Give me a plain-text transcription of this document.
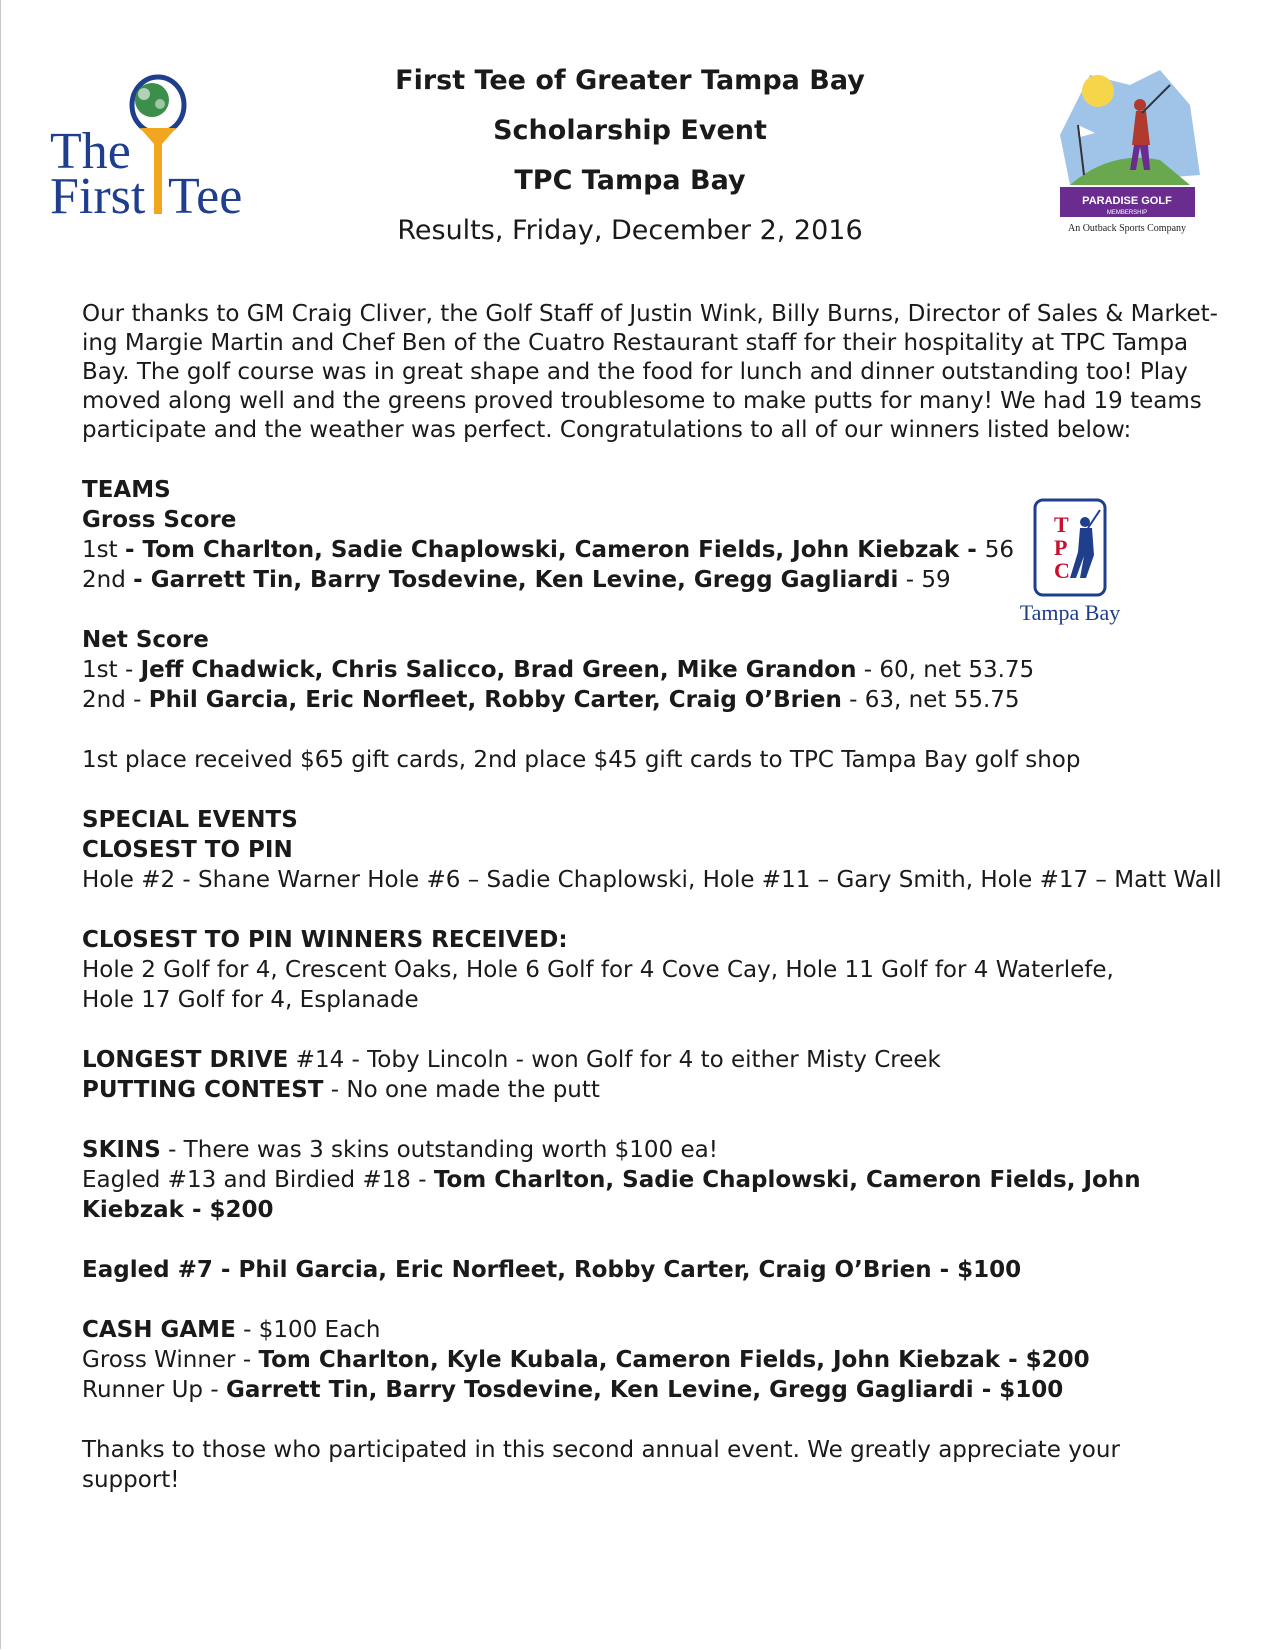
The
First Tee
First Tee of Greater Tampa Bay
Scholarship Event
TPC Tampa Bay
Results, Friday, December 2, 2016
PARADISE GOLF
MEMBERSHIP
An Outback Sports Company
T
P
C
Tampa Bay
Our thanks to GM Craig Cliver, the Golf Staff of Justin Wink, Billy Burns, Director of Sales & Market-
ing Margie Martin and Chef Ben of the Cuatro Restaurant staff for their hospitality at TPC Tampa
Bay. The golf course was in great shape and the food for lunch and dinner outstanding too! Play
moved along well and the greens proved troublesome to make putts for many! We had 19 teams
participate and the weather was perfect. Congratulations to all of our winners listed below:
TEAMS
Gross Score
1st - Tom Charlton, Sadie Chaplowski, Cameron Fields, John Kiebzak - 56
2nd - Garrett Tin, Barry Tosdevine, Ken Levine, Gregg Gagliardi - 59
Net Score
1st - Jeff Chadwick, Chris Salicco, Brad Green, Mike Grandon - 60, net 53.75
2nd - Phil Garcia, Eric Norfleet, Robby Carter, Craig O’Brien - 63, net 55.75
1st place received $65 gift cards, 2nd place $45 gift cards to TPC Tampa Bay golf shop
SPECIAL EVENTS
CLOSEST TO PIN
Hole #2 - Shane Warner Hole #6 – Sadie Chaplowski, Hole #11 – Gary Smith, Hole #17 – Matt Wall
CLOSEST TO PIN WINNERS RECEIVED:
Hole 2 Golf for 4, Crescent Oaks, Hole 6 Golf for 4 Cove Cay, Hole 11 Golf for 4 Waterlefe,
Hole 17 Golf for 4, Esplanade
LONGEST DRIVE #14 - Toby Lincoln - won Golf for 4 to either Misty Creek
PUTTING CONTEST - No one made the putt
SKINS - There was 3 skins outstanding worth $100 ea!
Eagled #13 and Birdied #18 - Tom Charlton, Sadie Chaplowski, Cameron Fields, John
Kiebzak - $200
Eagled #7 - Phil Garcia, Eric Norfleet, Robby Carter, Craig O’Brien - $100
CASH GAME - $100 Each
Gross Winner - Tom Charlton, Kyle Kubala, Cameron Fields, John Kiebzak - $200
Runner Up - Garrett Tin, Barry Tosdevine, Ken Levine, Gregg Gagliardi - $100
Thanks to those who participated in this second annual event. We greatly appreciate your support!
